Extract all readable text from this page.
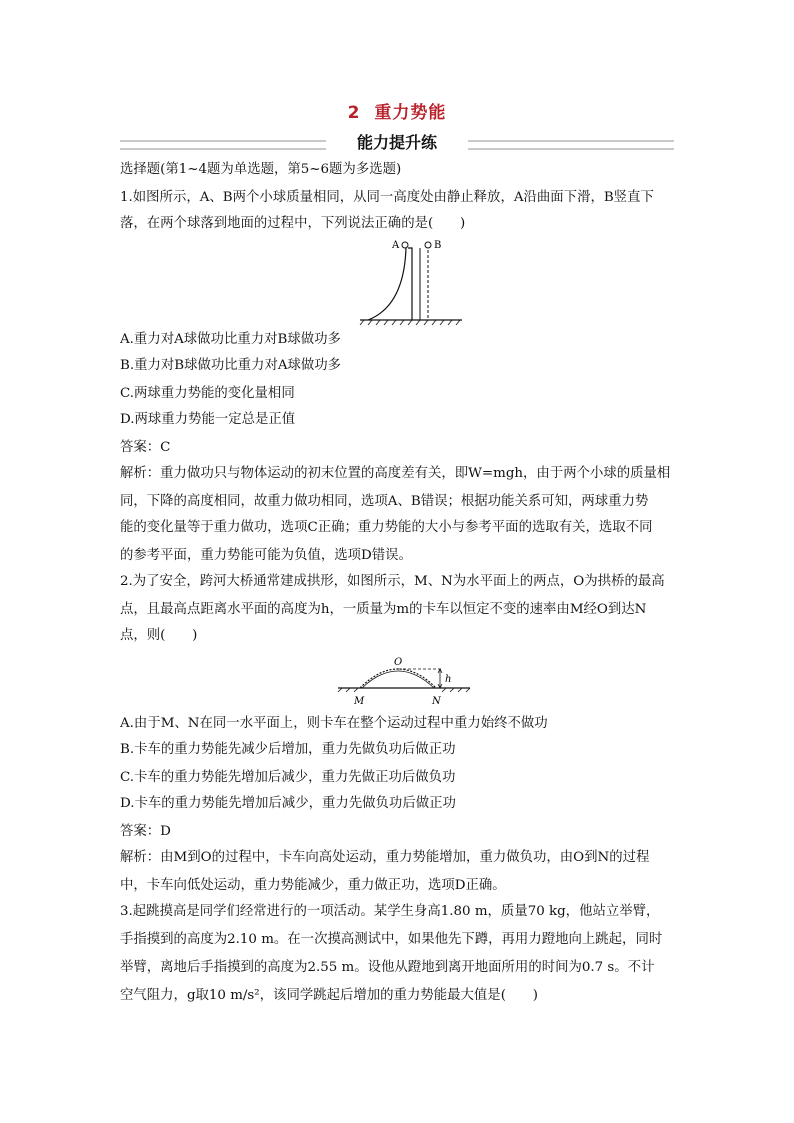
2 重力势能
能力提升练
选择题(第1~4题为单选题，第5~6题为多选题)
1.如图所示，A、B两个小球质量相同，从同一高度处由静止释放，A沿曲面下滑，B竖直下
落，在两个球落到地面的过程中，下列说法正确的是(　　)
A	B
A.重力对A球做功比重力对B球做功多
B.重力对B球做功比重力对A球做功多
C.两球重力势能的变化量相同
D.两球重力势能一定总是正值
答案：C
解析：重力做功只与物体运动的初末位置的高度差有关，即W=mgh，由于两个小球的质量相
同，下降的高度相同，故重力做功相同，选项A、B错误；根据功能关系可知，两球重力势
能的变化量等于重力做功，选项C正确；重力势能的大小与参考平面的选取有关，选取不同
的参考平面，重力势能可能为负值，选项D错误。
2.为了安全，跨河大桥通常建成拱形，如图所示，M、N为水平面上的两点，O为拱桥的最高
点，且最高点距离水平面的高度为h，一质量为m的卡车以恒定不变的速率由M经O到达N
点，则(　　)
O
h
M	N
A.由于M、N在同一水平面上，则卡车在整个运动过程中重力始终不做功
B.卡车的重力势能先减少后增加，重力先做负功后做正功
C.卡车的重力势能先增加后减少，重力先做正功后做负功
D.卡车的重力势能先增加后减少，重力先做负功后做正功
答案：D
解析：由M到O的过程中，卡车向高处运动，重力势能增加，重力做负功，由O到N的过程
中，卡车向低处运动，重力势能减少，重力做正功，选项D正确。
3.起跳摸高是同学们经常进行的一项活动。某学生身高1.80 m，质量70 kg，他站立举臂，
手指摸到的高度为2.10 m。在一次摸高测试中，如果他先下蹲，再用力蹬地向上跳起，同时
举臂，离地后手指摸到的高度为2.55 m。设他从蹬地到离开地面所用的时间为0.7 s。不计
空气阻力，g取10 m/s²，该同学跳起后增加的重力势能最大值是(　　)
